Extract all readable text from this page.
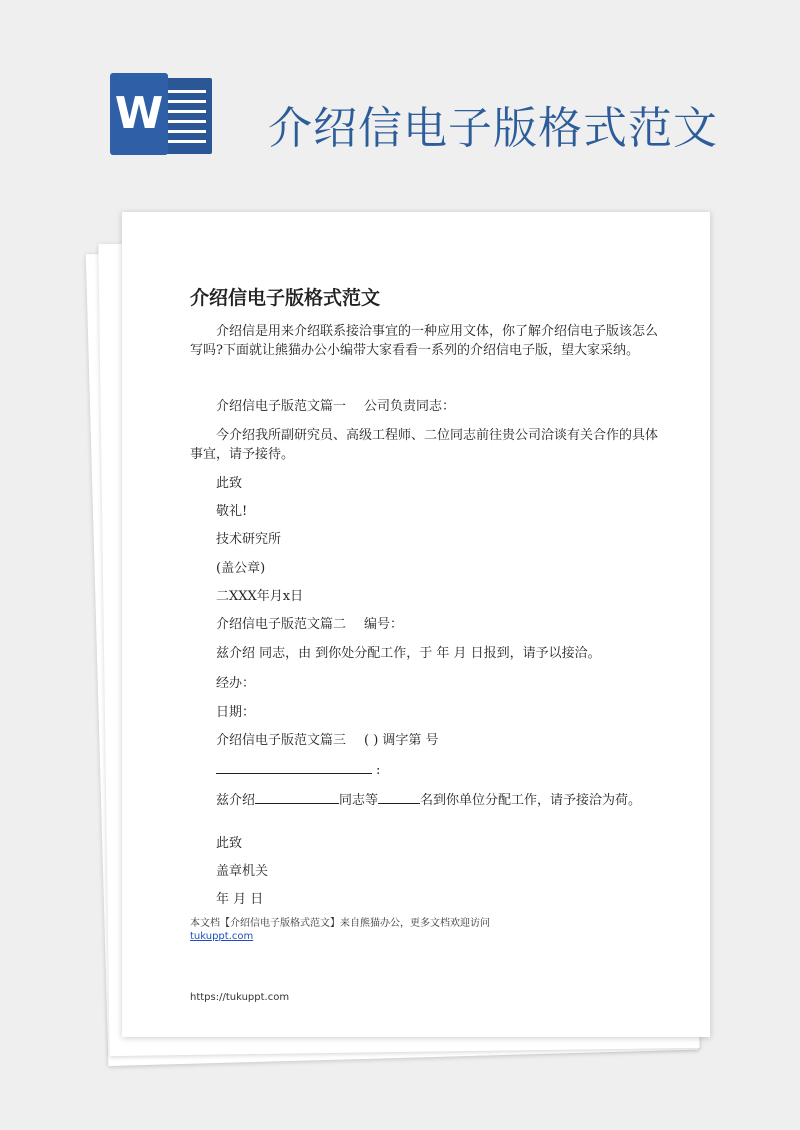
W 介绍信电子版格式范文
介绍信电子版格式范文

介绍信是用来介绍联系接洽事宜的一种应用文体，你了解介绍信电子版该怎么写吗?下面就让熊猫办公小编带大家看看一系列的介绍信电子版，望大家采纳。

介绍信电子版范文篇一 公司负责同志：

今介绍我所副研究员、高级工程师、二位同志前往贵公司洽谈有关合作的具体事宜，请予接待。

此致
敬礼!
技术研究所
(盖公章)
二XXX年月x日
介绍信电子版范文篇二 编号：
兹介绍 同志，由 到你处分配工作，于 年 月 日报到，请予以接洽。
经办：
日期：
介绍信电子版范文篇三 ( ) 调字第 号
:
兹介绍	同志等	名到你单位分配工作，请予接洽为荷。
此致
盖章机关
年 月 日
本文档【介绍信电子版格式范文】来自熊猫办公，更多文档欢迎访问
tukuppt.com
https://tukuppt.com
